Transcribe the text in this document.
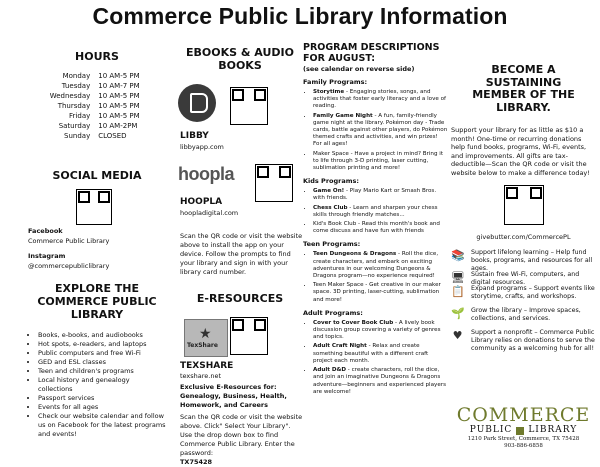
Commerce Public Library Information
HOURS
Monday	10 AM-5 PM
Tuesday	10 AM-7 PM
Wednesday	10 AM-5 PM
Thursday	10 AM-5 PM
Friday	10 AM-5 PM
Saturday	10 AM-2PM
Sunday	CLOSED
SOCIAL MEDIA
Facebook
Commerce Public Library
Instagram
@commercepubliclibrary
EXPLORE THE COMMERCE PUBLIC LIBRARY
• Books, e-books, and audiobooks
• Hot spots, e-readers, and laptops
• Public computers and free Wi-Fi
• GED and ESL classes
• Teen and children's programs
• Local history and genealogy collections
• Passport services
• Events for all ages
• Check our website calendar and follow us on Facebook for the latest programs and events!
EBOOKS & AUDIO BOOKS
LIBBY
libbyapp.com
hoopla
HOOPLA
hoopladigital.com
Scan the QR code or visit the website above to install the app on your device. Follow the prompts to find your library and sign in with your library card number.
E-RESOURCES
★
TexShare
TEXSHARE
texshare.net
Exclusive E-Resources for: Genealogy, Business, Health, Homework, and Careers
Scan the QR code or visit the website above. Click" Select Your Library". Use the drop down box to find Commerce Public Library. Enter the password:
TX75428
PROGRAM DESCRIPTIONS FOR AUGUST:
(see calendar on reverse side)
Family Programs:
• Storytime - Engaging stories, songs, and activities that foster early literacy and a love of reading.
• Family Game Night - A fun, family-friendly game night at the library. Pokémon day - Trade cards, battle against other players, do Pokémon themed crafts and activities, and win prizes! For all ages!
• Maker Space - Have a project in mind? Bring it to life through 3-D printing, laser cutting, sublimation printing and more!
Kids Programs:
• Game On! - Play Mario Kart or Smash Bros. with friends.
• Chess Club - Learn and sharpen your chess skills through friendly matches...
• Kid's Book Club - Read this month's book and come discuss and have fun with friends
Teen Programs:
• Teen Dungeons & Dragons - Roll the dice, create characters, and embark on exciting adventures in our welcoming Dungeons & Dragons program—no experience required!
• Teen Maker Space - Get creative in our maker space. 3D printing, laser-cutting, sublimation and more!
Adult Programs:
• Cover to Cover Book Club - A lively book discussion group covering a variety of genres and topics.
• Adult Craft Night - Relax and create something beautiful with a different craft project each month.
• Adult D&D - create characters, roll the dice, and join an imaginative Dungeons & Dragons adventure—beginners and experienced players are welcome!
BECOME A SUSTAINING MEMBER OF THE LIBRARY.
Support your library for as little as $10 a month! One-time or recurring donations help fund books, programs, Wi-Fi, events, and improvements. All gifts are tax-deductible—Scan the QR code or visit the website below to make a difference today!
givebutter.com/CommercePL
📚 Support lifelong learning – Help fund books, programs, and resources for all ages.
🖥 Sustain free Wi-Fi, computers, and digital resources.
📋 Expand programs – Support events like storytime, crafts, and workshops.
🌱 Grow the library – Improve spaces, collections, and services.
♥ Support a nonprofit – Commerce Public Library relies on donations to serve the community as a welcoming hub for all!
COMMERCE
PUBLIC LIBRARY
1210 Park Street, Commerce, TX 75428
903-886-6858
